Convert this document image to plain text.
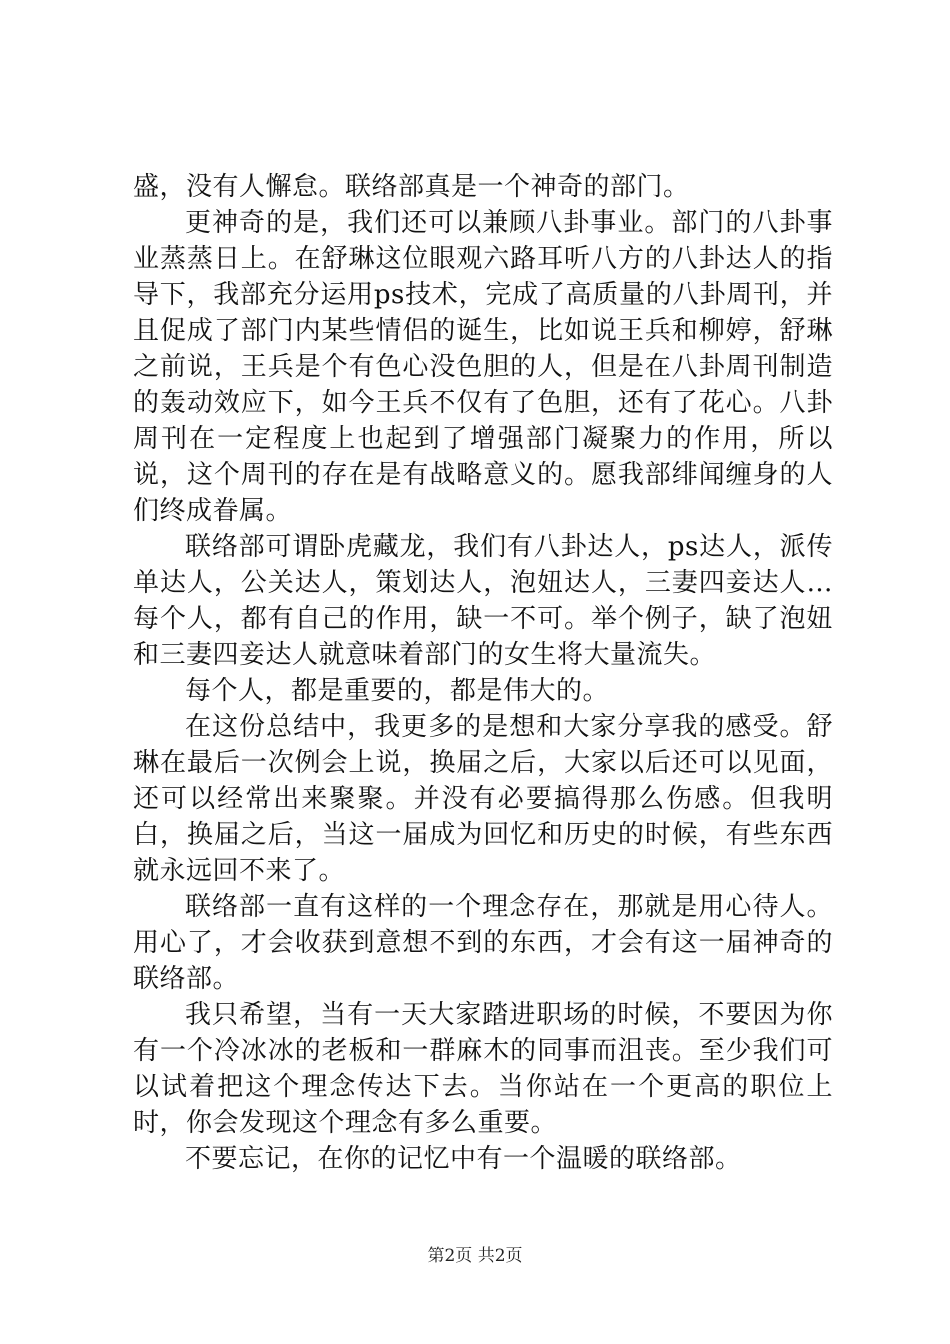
盛，没有人懈怠。联络部真是一个神奇的部门。

更神奇的是，我们还可以兼顾八卦事业。部门的八卦事业蒸蒸日上。在舒琳这位眼观六路耳听八方的八卦达人的指导下，我部充分运用ps技术，完成了高质量的八卦周刊，并且促成了部门内某些情侣的诞生，比如说王兵和柳婷，舒琳之前说，王兵是个有色心没色胆的人，但是在八卦周刊制造的轰动效应下，如今王兵不仅有了色胆，还有了花心。八卦周刊在一定程度上也起到了增强部门凝聚力的作用，所以说，这个周刊的存在是有战略意义的。愿我部绯闻缠身的人们终成眷属。

联络部可谓卧虎藏龙，我们有八卦达人，ps达人，派传单达人，公关达人，策划达人，泡妞达人，三妻四妾达人…每个人，都有自己的作用，缺一不可。举个例子，缺了泡妞和三妻四妾达人就意味着部门的女生将大量流失。

每个人，都是重要的，都是伟大的。

在这份总结中，我更多的是想和大家分享我的感受。舒琳在最后一次例会上说，换届之后，大家以后还可以见面，还可以经常出来聚聚。并没有必要搞得那么伤感。但我明白，换届之后，当这一届成为回忆和历史的时候，有些东西就永远回不来了。

联络部一直有这样的一个理念存在，那就是用心待人。用心了，才会收获到意想不到的东西，才会有这一届神奇的联络部。

我只希望，当有一天大家踏进职场的时候，不要因为你有一个冷冰冰的老板和一群麻木的同事而沮丧。至少我们可以试着把这个理念传达下去。当你站在一个更高的职位上时，你会发现这个理念有多么重要。

不要忘记，在你的记忆中有一个温暖的联络部。

第2页 共2页
